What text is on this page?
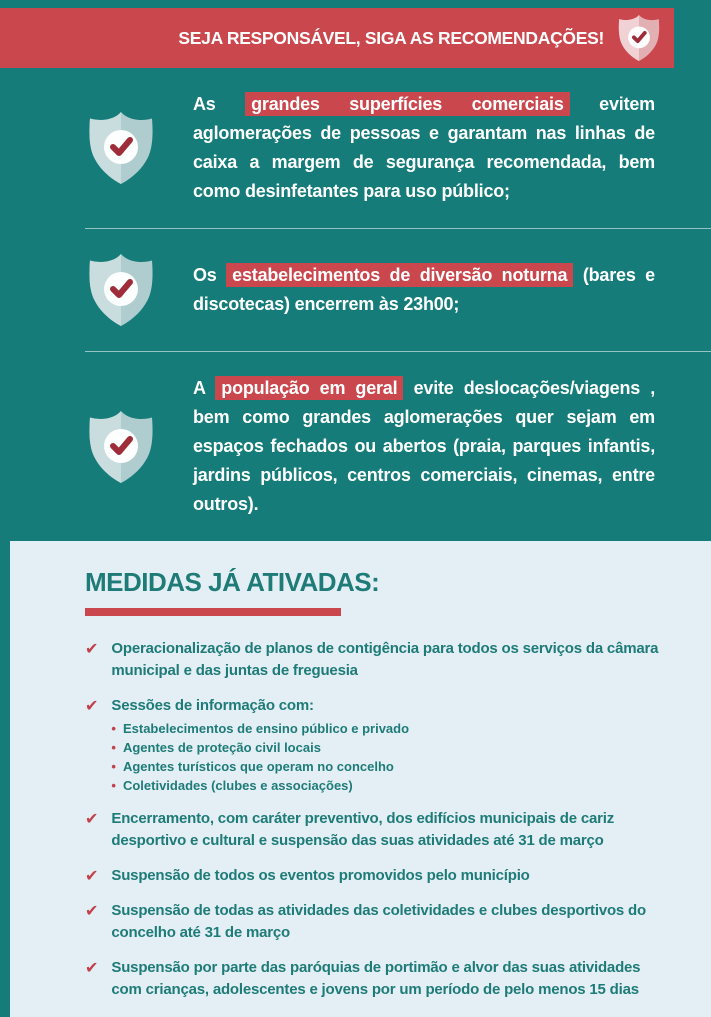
SEJA RESPONSÁVEL, SIGA AS RECOMENDAÇÕES!

As grandes superfícies comerciais evitem aglomerações de pessoas e garantam nas linhas de caixa a margem de segurança recomendada, bem como desinfetantes para uso público;

Os estabelecimentos de diversão noturna (bares e discotecas) encerrem às 23h00;

A população em geral evite deslocações/viagens , bem como grandes aglomerações quer sejam em espaços fechados ou abertos (praia, parques infantis, jardins públicos, centros comerciais, cinemas, entre outros).

MEDIDAS JÁ ATIVADAS:
✔ Operacionalização de planos de contigência para todos os serviços da câmara municipal e das juntas de freguesia
✔ Sessões de informação com:
• Estabelecimentos de ensino público e privado
• Agentes de proteção civil locais
• Agentes turísticos que operam no concelho
• Coletividades (clubes e associações)
✔ Encerramento, com caráter preventivo, dos edifícios municipais de cariz desportivo e cultural e suspensão das suas atividades até 31 de março
✔ Suspensão de todos os eventos promovidos pelo município
✔ Suspensão de todas as atividades das coletividades e clubes desportivos do concelho até 31 de março
✔ Suspensão por parte das paróquias de portimão e alvor das suas atividades com crianças, adolescentes e jovens por um período de pelo menos 15 dias
